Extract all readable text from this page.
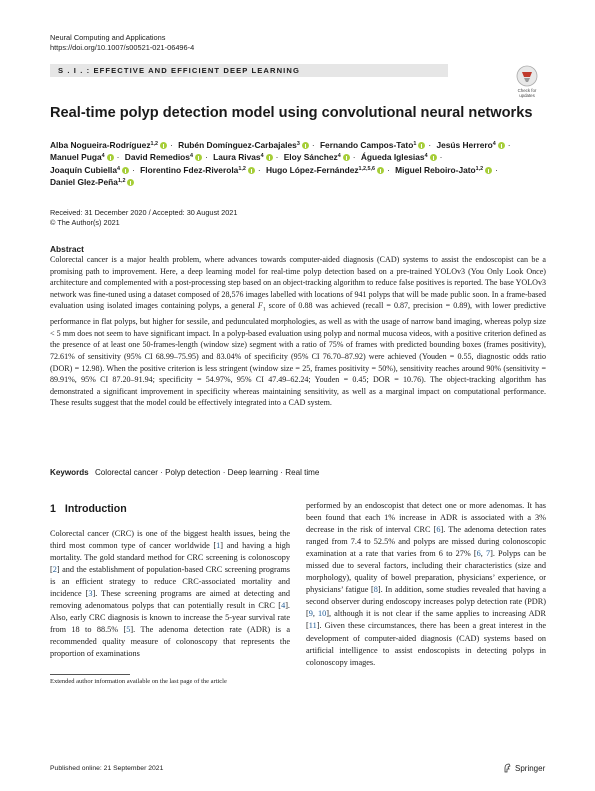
Neural Computing and Applications
https://doi.org/10.1007/s00521-021-06496-4
S . I . : EFFECTIVE AND EFFICIENT DEEP LEARNING
Check for
updates
Real-time polyp detection model using convolutional neural networks
Alba Nogueira-Rodríguez$^{1,2}$ · Rubén Domínguez-Carbajales$^3$ · Fernando Campos-Tato$^1$ · Jesús Herrero$^4$ · Manuel Puga$^4$ · David Remedios$^4$ · Laura Rivas$^4$ · Eloy Sánchez$^4$ · Águeda Iglesias$^4$ · Joaquín Cubiella$^4$ · Florentino Fdez-Riverola$^{1,2}$ · Hugo López-Fernández$^{1,2,5,6}$ · Miguel Reboiro-Jato$^{1,2}$ · Daniel Glez-Peña$^{1,2}$
Received: 31 December 2020 / Accepted: 30 August 2021
© The Author(s) 2021
Abstract

Colorectal cancer is a major health problem, where advances towards computer-aided diagnosis (CAD) systems to assist the endoscopist can be a promising path to improvement. Here, a deep learning model for real-time polyp detection based on a pre-trained YOLOv3 (You Only Look Once) architecture and complemented with a post-processing step based on an object-tracking algorithm to reduce false positives is reported. The base YOLOv3 network was fine-tuned using a dataset composed of 28,576 images labelled with locations of 941 polyps that will be made public soon. In a frame-based evaluation using isolated images containing polyps, a general $F_1$ score of 0.88 was achieved (recall = 0.87, precision = 0.89), with lower predictive performance in flat polyps, but higher for sessile, and pedunculated morphologies, as well as with the usage of narrow band imaging, whereas polyp size < 5 mm does not seem to have significant impact. In a polyp-based evaluation using polyp and normal mucosa videos, with a positive criterion defined as the presence of at least one 50-frames-length (window size) segment with a ratio of 75% of frames with predicted bounding boxes (frames positivity), 72.61% of sensitivity (95% CI 68.99–75.95) and 83.04% of specificity (95% CI 76.70–87.92) were achieved (Youden = 0.55, diagnostic odds ratio (DOR) = 12.98). When the positive criterion is less stringent (window size = 25, frames positivity = 50%), sensitivity reaches around 90% (sensitivity = 89.91%, 95% CI 87.20–91.94; specificity = 54.97%, 95% CI 47.49–62.24; Youden = 0.45; DOR = 10.76). The object-tracking algorithm has demonstrated a significant improvement in specificity whereas maintaining sensitivity, as well as a marginal impact on computational performance. These results suggest that the model could be effectively integrated into a CAD system.

Keywords Colorectal cancer · Polyp detection · Deep learning · Real time
1 Introduction

Colorectal cancer (CRC) is one of the biggest health issues, being the third most common type of cancer worldwide [1] and having a high mortality. The gold standard method for CRC screening is colonoscopy [2] and the establishment of population-based CRC screening programs is an efficient strategy to reduce CRC-associated mortality and incidence [3]. These screening programs are aimed at detecting and removing adenomatous polyps that can potentially result in CRC [4]. Also, early CRC diagnosis is known to increase the 5-year survival rate from 18 to 88.5% [5]. The adenoma detection rate (ADR) is a recommended quality measure of colonoscopy that represents the proportion of examinations

performed by an endoscopist that detect one or more adenomas. It has been found that each 1% increase in ADR is associated with a 3% decrease in the risk of interval CRC [6]. The adenoma detection rates ranged from 7.4 to 52.5% and polyps are missed during colonoscopic examination at a rate that varies from 6 to 27% [6, 7]. Polyps can be missed due to several factors, including their characteristics (size and morphology), quality of bowel preparation, physicians’ experience, or physicians’ fatigue [8]. In addition, some studies revealed that having a second observer during endoscopy increases polyp detection rate (PDR) [9, 10], although it is not clear if the same applies to increasing ADR [11]. Given these circumstances, there has been a great interest in the development of computer-aided diagnosis (CAD) systems based on artificial intelligence to assist endoscopists in detecting polyps in colonoscopy images.

Extended author information available on the last page of the article
Published online: 21 September 2021	Springer
